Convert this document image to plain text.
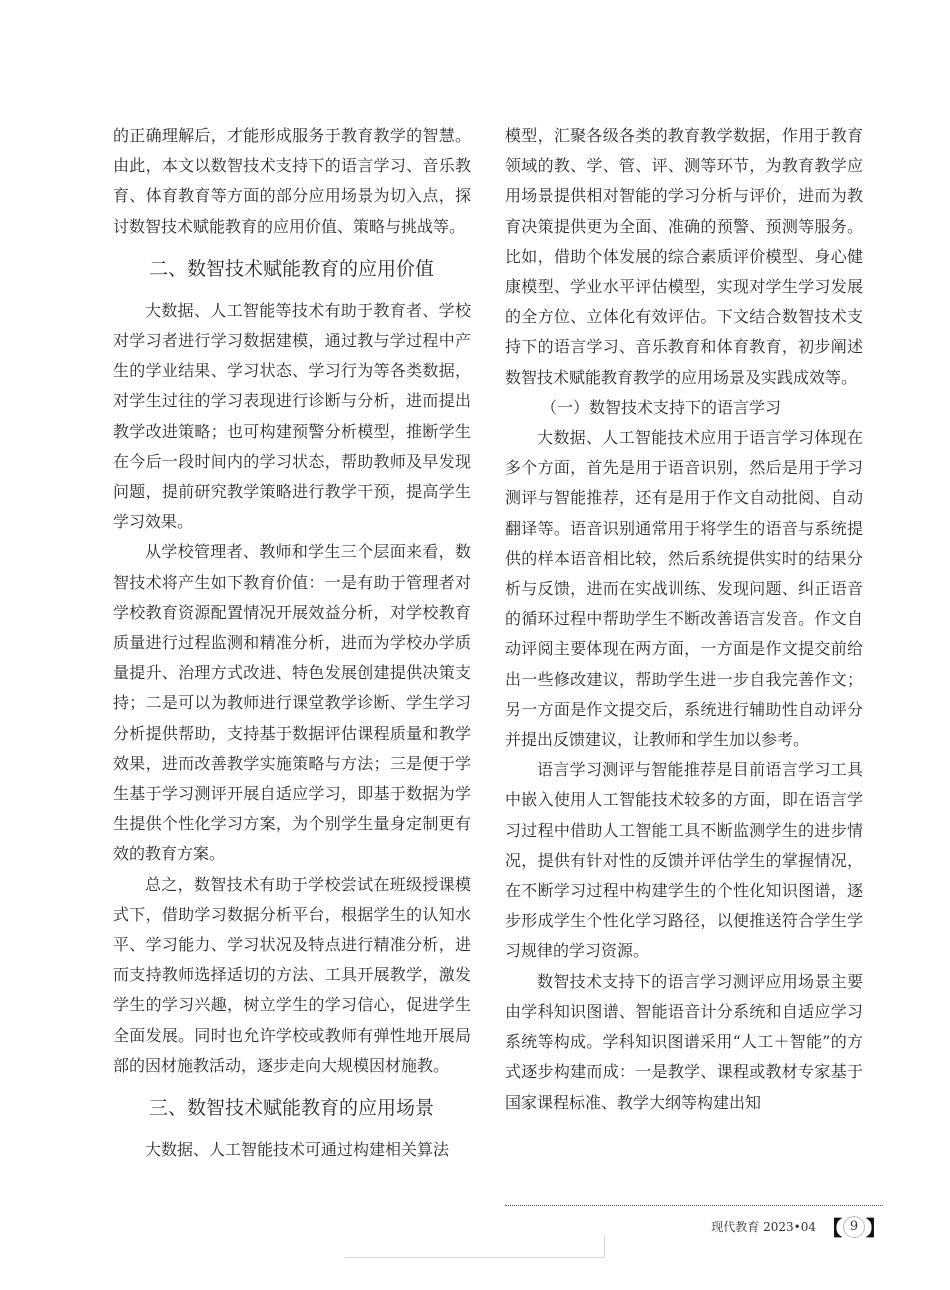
的正确理解后，才能形成服务于教育教学的智慧。由此，本文以数智技术支持下的语言学习、音乐教育、体育教育等方面的部分应用场景为切入点，探讨数智技术赋能教育的应用价值、策略与挑战等。

二、数智技术赋能教育的应用价值

大数据、人工智能等技术有助于教育者、学校对学习者进行学习数据建模，通过教与学过程中产生的学业结果、学习状态、学习行为等各类数据，对学生过往的学习表现进行诊断与分析，进而提出教学改进策略；也可构建预警分析模型，推断学生在今后一段时间内的学习状态，帮助教师及早发现问题，提前研究教学策略进行教学干预，提高学生学习效果。

从学校管理者、教师和学生三个层面来看，数智技术将产生如下教育价值：一是有助于管理者对学校教育资源配置情况开展效益分析，对学校教育质量进行过程监测和精准分析，进而为学校办学质量提升、治理方式改进、特色发展创建提供决策支持；二是可以为教师进行课堂教学诊断、学生学习分析提供帮助，支持基于数据评估课程质量和教学效果，进而改善教学实施策略与方法；三是便于学生基于学习测评开展自适应学习，即基于数据为学生提供个性化学习方案，为个别学生量身定制更有效的教育方案。

总之，数智技术有助于学校尝试在班级授课模式下，借助学习数据分析平台，根据学生的认知水平、学习能力、学习状况及特点进行精准分析，进而支持教师选择适切的方法、工具开展教学，激发学生的学习兴趣，树立学生的学习信心，促进学生全面发展。同时也允许学校或教师有弹性地开展局部的因材施教活动，逐步走向大规模因材施教。

三、数智技术赋能教育的应用场景

大数据、人工智能技术可通过构建相关算法

模型，汇聚各级各类的教育教学数据，作用于教育领域的教、学、管、评、测等环节，为教育教学应用场景提供相对智能的学习分析与评价，进而为教育决策提供更为全面、准确的预警、预测等服务。比如，借助个体发展的综合素质评价模型、身心健康模型、学业水平评估模型，实现对学生学习发展的全方位、立体化有效评估。下文结合数智技术支持下的语言学习、音乐教育和体育教育，初步阐述数智技术赋能教育教学的应用场景及实践成效等。

（一）数智技术支持下的语言学习

大数据、人工智能技术应用于语言学习体现在多个方面，首先是用于语音识别，然后是用于学习测评与智能推荐，还有是用于作文自动批阅、自动翻译等。语音识别通常用于将学生的语音与系统提供的样本语音相比较，然后系统提供实时的结果分析与反馈，进而在实战训练、发现问题、纠正语音的循环过程中帮助学生不断改善语言发音。作文自动评阅主要体现在两方面，一方面是作文提交前给出一些修改建议，帮助学生进一步自我完善作文；另一方面是作文提交后，系统进行辅助性自动评分并提出反馈建议，让教师和学生加以参考。

语言学习测评与智能推荐是目前语言学习工具中嵌入使用人工智能技术较多的方面，即在语言学习过程中借助人工智能工具不断监测学生的进步情况，提供有针对性的反馈并评估学生的掌握情况，在不断学习过程中构建学生的个性化知识图谱，逐步形成学生个性化学习路径，以便推送符合学生学习规律的学习资源。

数智技术支持下的语言学习测评应用场景主要由学科知识图谱、智能语音计分系统和自适应学习系统等构成。学科知识图谱采用“人工＋智能”的方式逐步构建而成：一是教学、课程或教材专家基于国家课程标准、教学大纲等构建出知

现代教育 2023•04 【 9 】
